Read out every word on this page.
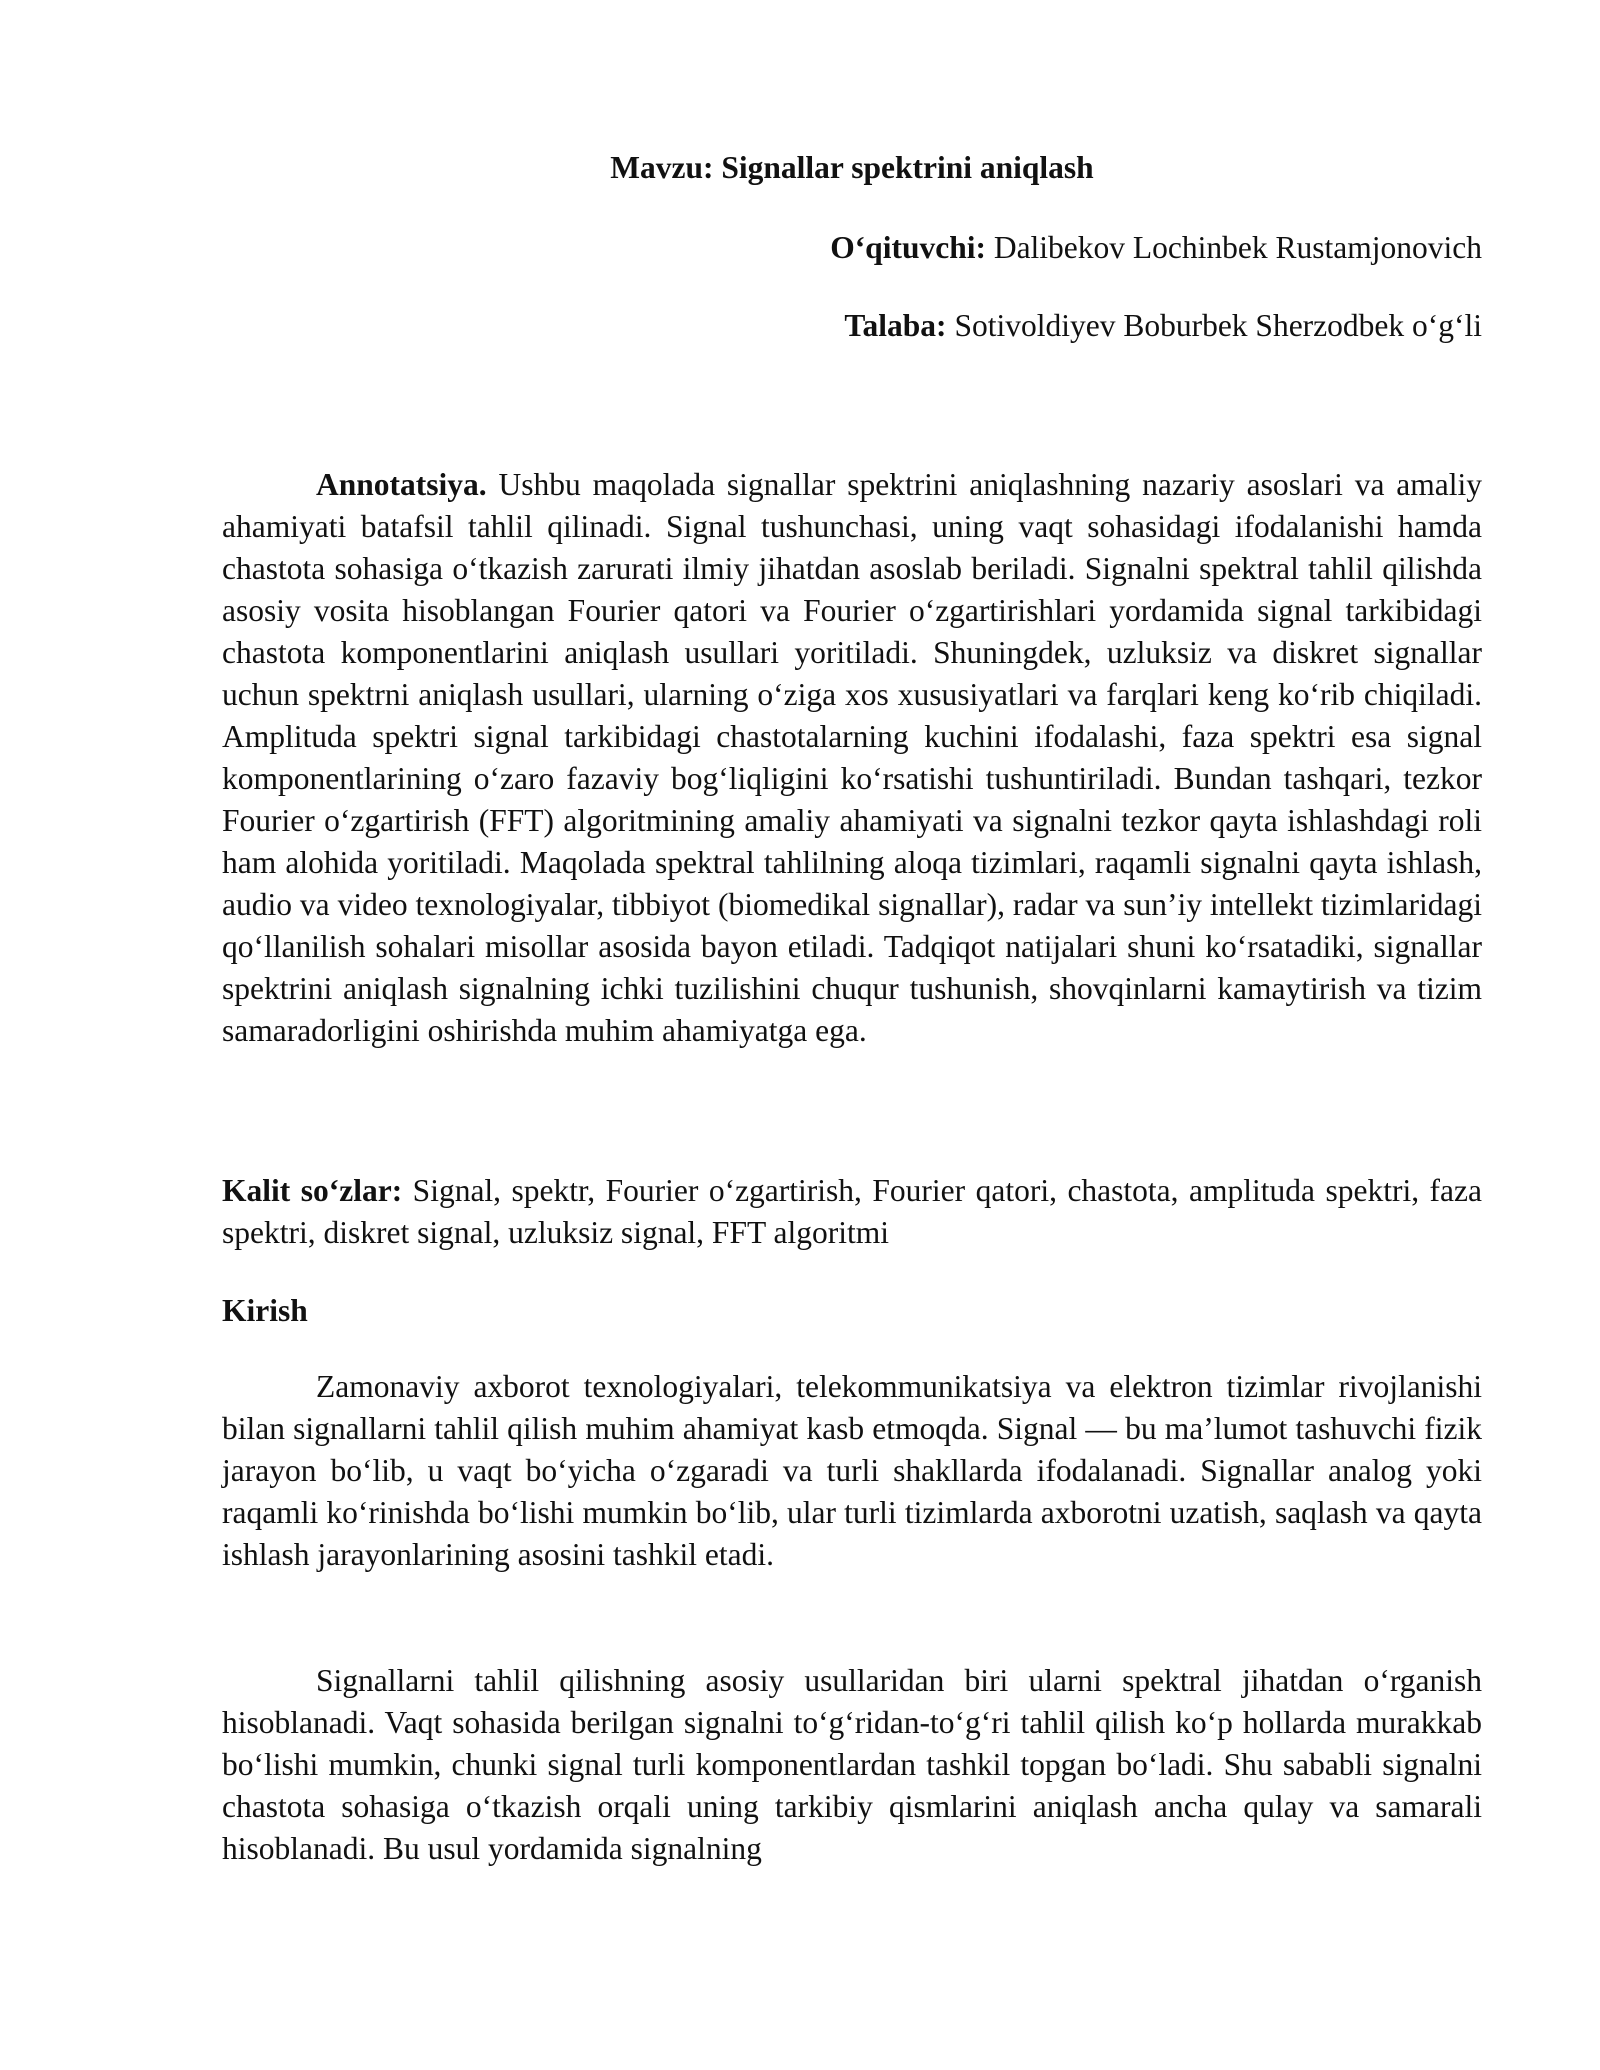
Mavzu: Signallar spektrini aniqlash
O‘qituvchi: Dalibekov Lochinbek Rustamjonovich
Talaba: Sotivoldiyev Boburbek Sherzodbek o‘g‘li

Annotatsiya. Ushbu maqolada signallar spektrini aniqlashning nazariy asoslari va amaliy ahamiyati batafsil tahlil qilinadi. Signal tushunchasi, uning vaqt sohasidagi ifodalanishi hamda chastota sohasiga o‘tkazish zarurati ilmiy jihatdan asoslab beriladi. Signalni spektral tahlil qilishda asosiy vosita hisoblangan Fourier qatori va Fourier o‘zgartirishlari yordamida signal tarkibidagi chastota komponentlarini aniqlash usullari yoritiladi. Shuningdek, uzluksiz va diskret signallar uchun spektrni aniqlash usullari, ularning o‘ziga xos xususiyatlari va farqlari keng ko‘rib chiqiladi. Amplituda spektri signal tarkibidagi chastotalarning kuchini ifodalashi, faza spektri esa signal komponentlarining o‘zaro fazaviy bog‘liqligini ko‘rsatishi tushuntiriladi. Bundan tashqari, tezkor Fourier o‘zgartirish (FFT) algoritmining amaliy ahamiyati va signalni tezkor qayta ishlashdagi roli ham alohida yoritiladi. Maqolada spektral tahlilning aloqa tizimlari, raqamli signalni qayta ishlash, audio va video texnologiyalar, tibbiyot (biomedikal signallar), radar va sun’iy intellekt tizimlaridagi qo‘llanilish sohalari misollar asosida bayon etiladi. Tadqiqot natijalari shuni ko‘rsatadiki, signallar spektrini aniqlash signalning ichki tuzilishini chuqur tushunish, shovqinlarni kamaytirish va tizim samaradorligini oshirishda muhim ahamiyatga ega.

Kalit so‘zlar: Signal, spektr, Fourier o‘zgartirish, Fourier qatori, chastota, amplituda spektri, faza spektri, diskret signal, uzluksiz signal, FFT algoritmi

Kirish

Zamonaviy axborot texnologiyalari, telekommunikatsiya va elektron tizimlar rivojlanishi bilan signallarni tahlil qilish muhim ahamiyat kasb etmoqda. Signal — bu ma’lumot tashuvchi fizik jarayon bo‘lib, u vaqt bo‘yicha o‘zgaradi va turli shakllarda ifodalanadi. Signallar analog yoki raqamli ko‘rinishda bo‘lishi mumkin bo‘lib, ular turli tizimlarda axborotni uzatish, saqlash va qayta ishlash jarayonlarining asosini tashkil etadi.

Signallarni tahlil qilishning asosiy usullaridan biri ularni spektral jihatdan o‘rganish hisoblanadi. Vaqt sohasida berilgan signalni to‘g‘ridan-to‘g‘ri tahlil qilish ko‘p hollarda murakkab bo‘lishi mumkin, chunki signal turli komponentlardan tashkil topgan bo‘ladi. Shu sababli signalni chastota sohasiga o‘tkazish orqali uning tarkibiy qismlarini aniqlash ancha qulay va samarali hisoblanadi. Bu usul yordamida signalning
